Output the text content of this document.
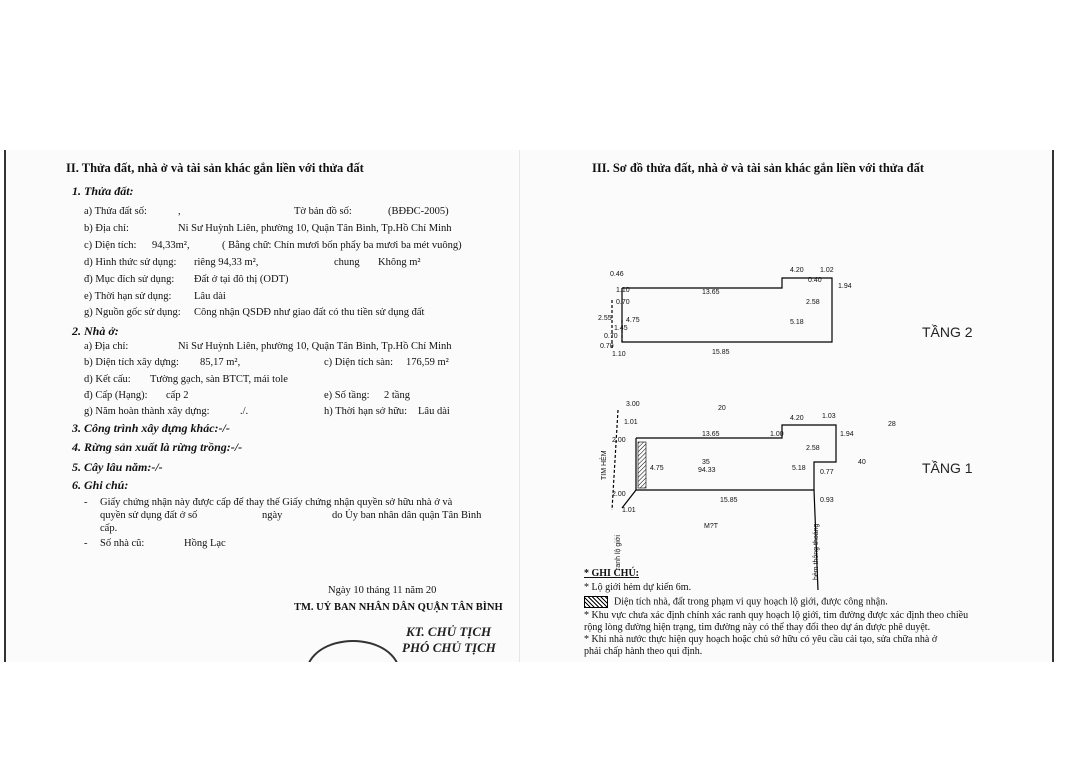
II. Thửa đất, nhà ở và tài sản khác gắn liền với thửa đất
1. Thửa đất:
a) Thửa đất số:	,	Tờ bản đồ số:	(BĐĐC-2005)
b) Địa chỉ:	Ni Sư Huỳnh Liên, phường 10, Quận Tân Bình, Tp.Hồ Chí Minh
c) Diện tích: 94,33m²,	( Bằng chữ: Chín mươi bốn phẩy ba mươi ba mét vuông)
d) Hình thức sử dụng: riêng 94,33 m²,	chung Không m²
đ) Mục đích sử dụng: Đất ở tại đô thị (ODT)
e) Thời hạn sử dụng: Lâu dài
g) Nguồn gốc sử dụng: Công nhận QSDĐ như giao đất có thu tiền sử dụng đất
2. Nhà ở:
a) Địa chỉ:	Ni Sư Huỳnh Liên, phường 10, Quận Tân Bình, Tp.Hồ Chí Minh
b) Diện tích xây dựng: 85,17 m²,	c) Diện tích sàn: 176,59 m²
d) Kết cấu: Tường gạch, sàn BTCT, mái tole
đ) Cấp (Hạng): cấp 2	e) Số tầng: 2 tầng
g) Năm hoàn thành xây dựng:	./.	h) Thời hạn sở hữu: Lâu dài
3. Công trình xây dựng khác:-/-
4. Rừng sản xuất là rừng trồng:-/-
5. Cây lâu năm:-/-
6. Ghi chú:
- Giấy chứng nhận này được cấp để thay thế Giấy chứng nhận quyền sở hữu nhà ở và
quyền sử dụng đất ở số	ngày	do Ủy ban nhân dân quận Tân Bình
cấp.
- Số nhà cũ:	Hồng Lạc
Ngày 10 tháng 11 năm 20
TM. UỶ BAN NHÂN DÂN QUẬN TÂN BÌNH
KT. CHỦ TỊCH
PHÓ CHỦ TỊCH
III. Sơ đồ thửa đất, nhà ở và tài sản khác gắn liền với thửa đất
0.46
1.10	13.65
4.20 1.02
0.40
1.94
2.58
5.18
2.55 4.75
0.70
1.10	15.85
0.70
1.45
0.70
3.00
1.01
2.00
13.65
4.20	1.03
1.94
1.00
2.58
5.18
0.77
4.75
2.00
15.85	0.93
1.01
35
94.33
M?T
28
40
20
ranh lộ giới	hẻm thông thoáng
TIM HẺM
TẦNG 2
TẦNG 1
* GHI CHÚ:
* Lộ giới hẻm dự kiến 6m.
Diện tích nhà, đất trong phạm vi quy hoạch lộ giới, được công nhận.
* Khu vực chưa xác định chính xác ranh quy hoạch lộ giới, tim đường được xác định theo chiều
rộng lòng đường hiện trạng, tim đường này có thể thay đổi theo dự án được phê duyệt.
* Khi nhà nước thực hiện quy hoạch hoặc chủ sở hữu có yêu cầu cải tạo, sửa chữa nhà ở
phải chấp hành theo qui định.
